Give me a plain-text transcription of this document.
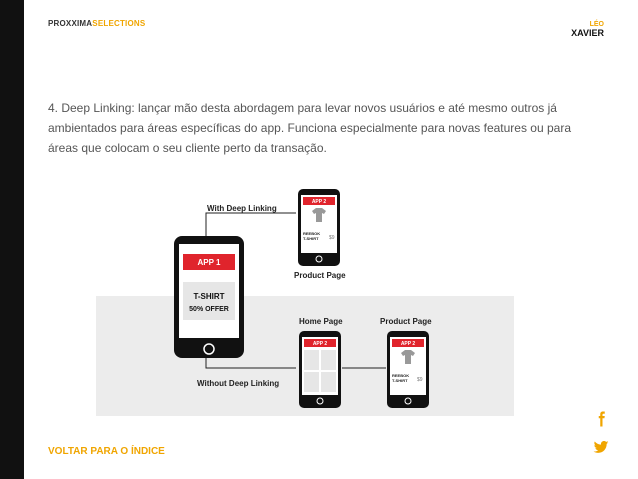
PROXXIMASELECTIONS	LÉO
XAVIER

4. Deep Linking: lançar mão desta abordagem para levar novos usuários e até mesmo outros já ambientados para áreas específicas do app. Funciona especialmente para novas features ou para áreas que colocam o seu cliente perto da transação.

With Deep Linking
Product Page
Home Page	Product Page
Without Deep Linking
APP 1
T-SHIRT
50% OFFER
APP 2
REEBOK
T-SHIRT $9
APP 2	APP 2
REEBOK
T-SHIRT $9
VOLTAR PARA O ÍNDICE
